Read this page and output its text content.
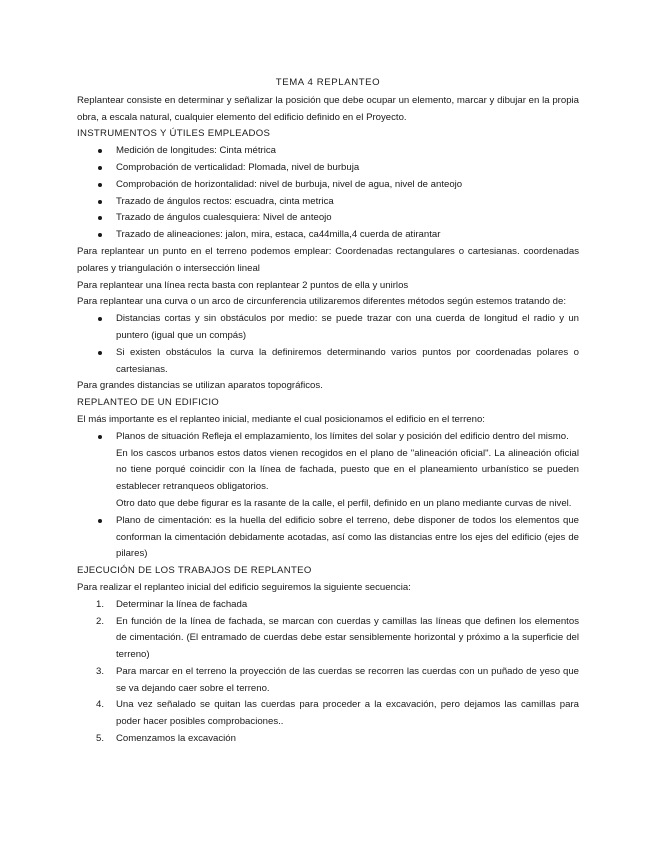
TEMA 4 REPLANTEO

Replantear consiste en determinar y señalizar la posición que debe ocupar un elemento, marcar y dibujar en la propia obra, a escala natural, cualquier elemento del edificio definido en el Proyecto.

INSTRUMENTOS Y ÚTILES EMPLEADOS

Medición de longitudes: Cinta métrica
Comprobación de verticalidad: Plomada, nivel de burbuja
Comprobación de horizontalidad: nivel de burbuja, nivel de agua, nivel de anteojo
Trazado de ángulos rectos: escuadra, cinta metrica
Trazado de ángulos cualesquiera: Nivel de anteojo
Trazado de alineaciones: jalon, mira, estaca, ca44milla,4 cuerda de atirantar

Para replantear un punto en el terreno podemos emplear: Coordenadas rectangulares o cartesianas. coordenadas polares y triangulación o intersección lineal

Para replantear una línea recta basta con replantear 2 puntos de ella y unirlos

Para replantear una curva o un arco de circunferencia utilizaremos diferentes métodos según estemos tratando de:

Distancias cortas y sin obstáculos por medio: se puede trazar con una cuerda de longitud el radio y un puntero (igual que un compás)
Si existen obstáculos la curva la definiremos determinando varios puntos por coordenadas polares o cartesianas.

Para grandes distancias se utilizan aparatos topográficos.

REPLANTEO DE UN EDIFICIO

El más importante es el replanteo inicial, mediante el cual posicionamos el edificio en el terreno:

Planos de situación Refleja el emplazamiento, los límites del solar y posición del edificio dentro del mismo.

En los cascos urbanos estos datos vienen recogidos en el plano de "alineación oficial". La alineación oficial no tiene porqué coincidir con la línea de fachada, puesto que en el planeamiento urbanístico se pueden establecer retranqueos obligatorios.

Otro dato que debe figurar es la rasante de la calle, el perfil, definido en un plano mediante curvas de nivel.

Plano de cimentación: es la huella del edificio sobre el terreno, debe disponer de todos los elementos que conforman la cimentación debidamente acotadas, así como las distancias entre los ejes del edificio (ejes de pilares)

EJECUCIÓN DE LOS TRABAJOS DE REPLANTEO

Para realizar el replanteo inicial del edificio seguiremos la siguiente secuencia:

1. Determinar la línea de fachada
2. En función de la línea de fachada, se marcan con cuerdas y camillas las líneas que definen los elementos de cimentación. (El entramado de cuerdas debe estar sensiblemente horizontal y próximo a la superficie del terreno)
3. Para marcar en el terreno la proyección de las cuerdas se recorren las cuerdas con un puñado de yeso que se va dejando caer sobre el terreno.
4. Una vez señalado se quitan las cuerdas para proceder a la excavación, pero dejamos las camillas para poder hacer posibles comprobaciones..
5. Comenzamos la excavación
